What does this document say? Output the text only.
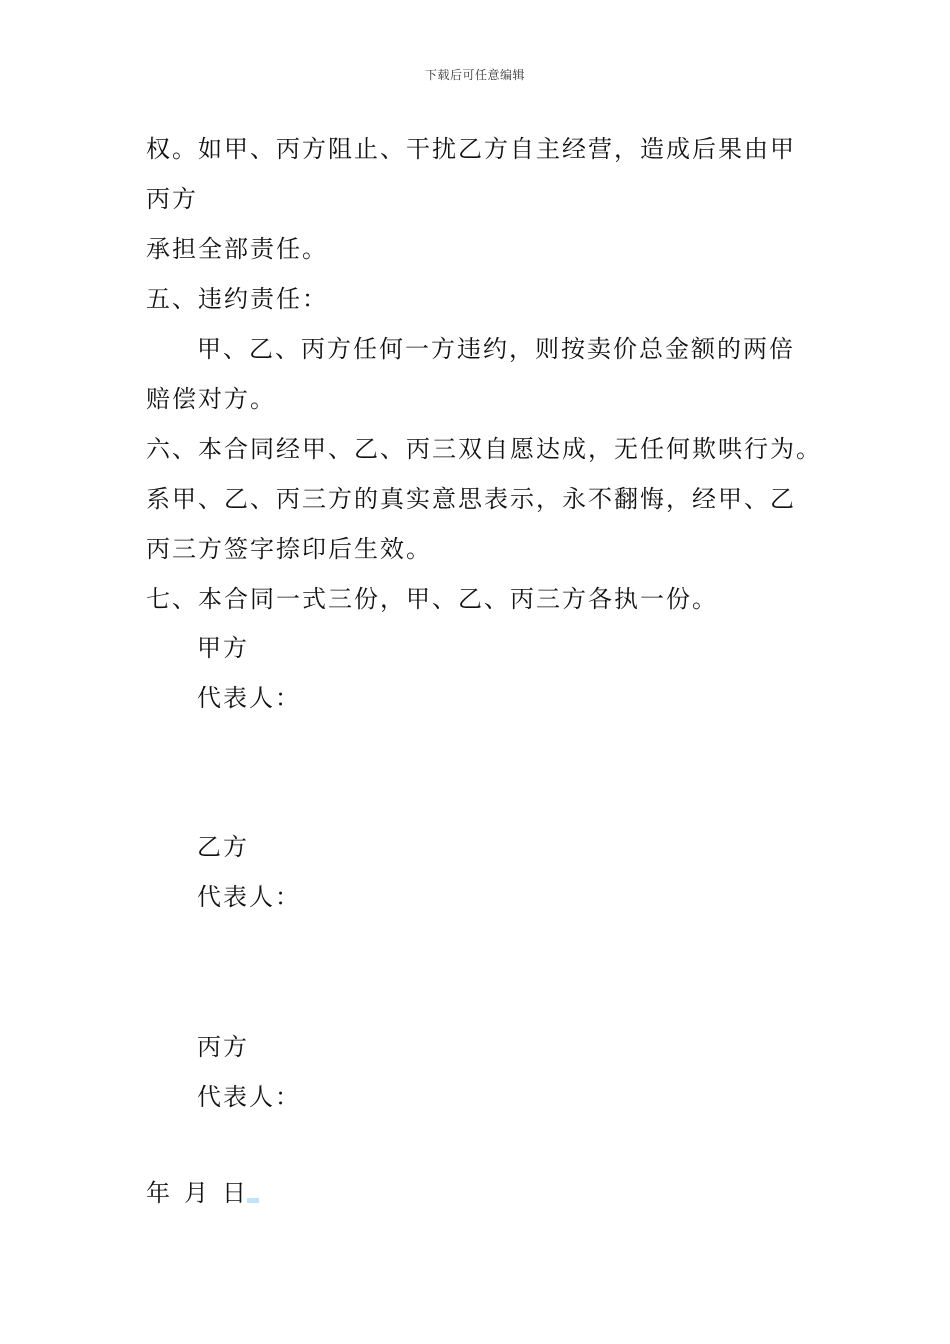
下载后可任意编辑
权。如甲、丙方阻止、干扰乙方自主经营，造成后果由甲
丙方
承担全部责任。
五、违约责任：
甲、乙、丙方任何一方违约，则按卖价总金额的两倍
赔偿对方。
六、本合同经甲、乙、丙三双自愿达成，无任何欺哄行为。
系甲、乙、丙三方的真实意思表示，永不翻悔，经甲、乙
丙三方签字捺印后生效。
七、本合同一式三份，甲、乙、丙三方各执一份。
甲方
代表人：
乙方
代表人：
丙方
代表人：
年 月 日
